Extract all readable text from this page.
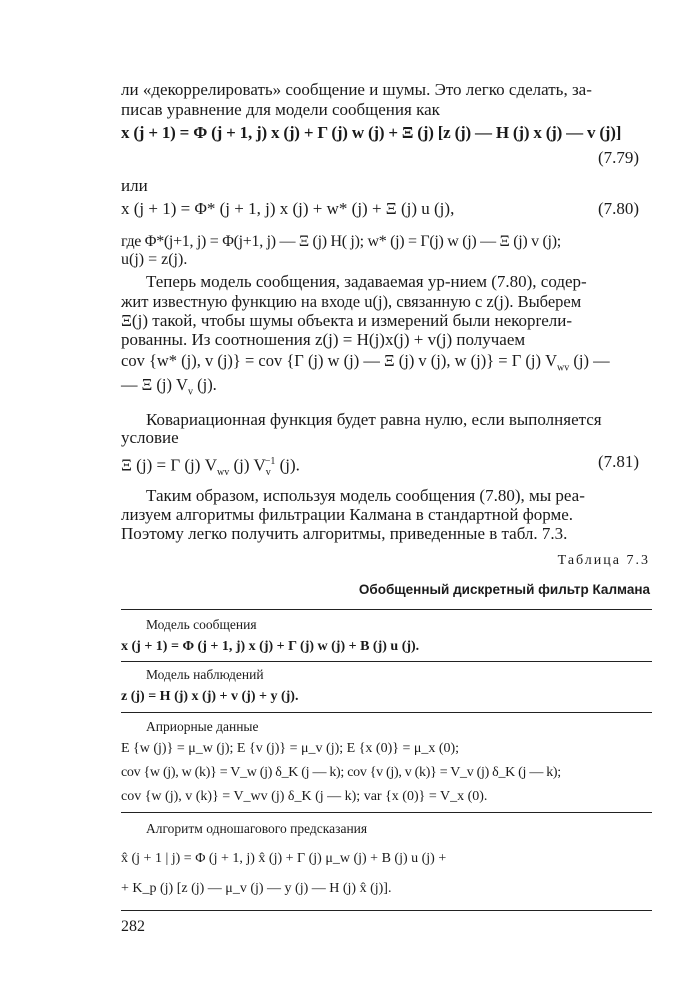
ли «декоррелировать» сообщение и шумы. Это легко сделать, за-
писав уравнение для модели сообщения как
x (j + 1) = Φ (j + 1, j) x (j) + Γ (j) w (j) + Ξ (j) [z (j) — H (j) x (j) — v (j)]
(7.79)
или
x (j + 1) = Φ* (j + 1, j) x (j) + w* (j) + Ξ (j) u (j),	(7.80)
где Φ*(j+1, j) = Φ(j+1, j) — Ξ (j) H( j); w* (j) = Γ(j) w (j) — Ξ (j) v (j);
u(j) = z(j).
Теперь модель сообщения, задаваемая ур-нием (7.80), содер-
жит известную функцию на входе u(j), связанную с z(j). Выберем
Ξ(j) такой, чтобы шумы объекта и измерений были некорreли-
рованны. Из соотношения z(j) = H(j)x(j) + v(j) получаем
cov {w* (j), v (j)} = cov {Γ (j) w (j) — Ξ (j) v (j), w (j)} = Γ (j) $V_{wv}$ (j) —
— Ξ (j) $V_v$ (j).
Ковариационная функция будет равна нулю, если выполняется
условие
Ξ (j) = Γ (j) $V_{wv}$ (j) $V_v^{-1}$ (j).	(7.81)
Таким образом, используя модель сообщения (7.80), мы реа-
лизуем алгоритмы фильтрации Калмана в стандартной форме.
Поэтому легко получить алгоритмы, приведенные в табл. 7.3.
Таблица 7.3
Обобщенный дискретный фильтр Калмана
Модель сообщения
x (j + 1) = Φ (j + 1, j) x (j) + Γ (j) w (j) + B (j) u (j).
Модель наблюдений
z (j) = H (j) x (j) + v (j) + y (j).
Априорные данные
E {w (j)} = μ_w (j); E {v (j)} = μ_v (j); E {x (0)} = μ_x (0);
cov {w (j), w (k)} = V_w (j) δ_K (j — k); cov {v (j), v (k)} = V_v (j) δ_K (j — k);
cov {w (j), v (k)} = V_wv (j) δ_K (j — k); var {x (0)} = V_x (0).
Алгоритм одношагового предсказания
x̂ (j + 1 | j) = Φ (j + 1, j) x̂ (j) + Γ (j) μ_w (j) + B (j) u (j) +
+ K_p (j) [z (j) — μ_v (j) — y (j) — H (j) x̂ (j)].
282
